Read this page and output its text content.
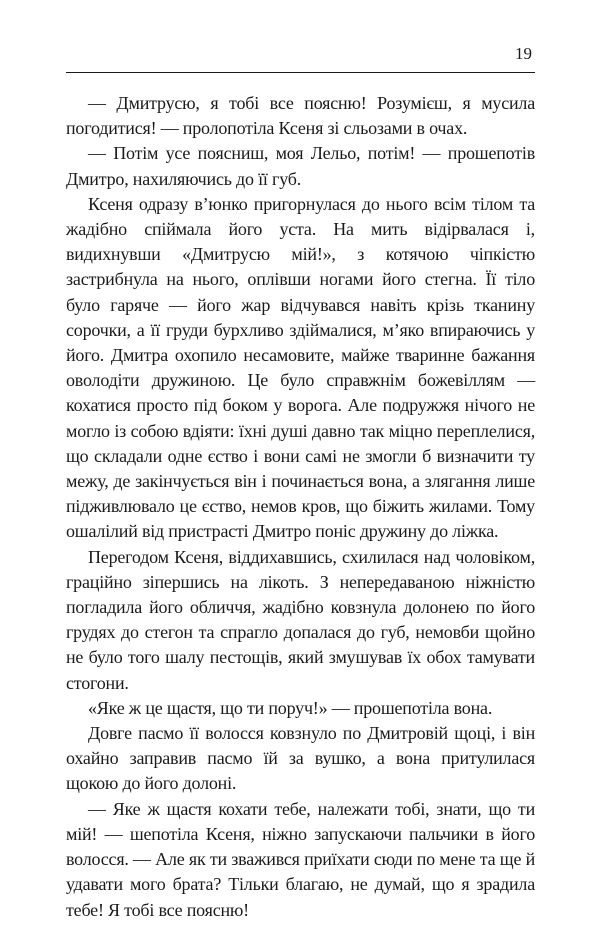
19

— Дмитрусю, я тобі все поясню! Розумієш, я мусила погодитися! — пролопотіла Ксеня зі сльозами в очах.

— Потім усе поясниш, моя Лельо, потім! — прошепотів Дмитро, нахиляючись до її губ.

Ксеня одразу в’юнко пригорнулася до нього всім тілом та жадібно спіймала його уста. На мить відірвалася і, видихнувши «Дмитрусю мій!», з котячою чіпкістю застрибнула на нього, оплівши ногами його стегна. Її тіло було гаряче — його жар відчувався навіть крізь тканину сорочки, а її груди бурхливо здіймалися, м’яко впираючись у його. Дмитра охопило несамовите, майже тваринне бажання оволодіти дружиною. Це було справжнім божевіллям — кохатися просто під боком у ворога. Але подружжя нічого не могло із собою вдіяти: їхні душі давно так міцно переплелися, що складали одне єство і вони самі не змогли б визначити ту межу, де закінчується він і починається вона, а злягання лише підживлювало це єство, немов кров, що біжить жилами. Тому ошалілий від пристрасті Дмитро поніс дружину до ліжка.

Перегодом Ксеня, віддихавшись, схилилася над чоловіком, граційно зіпершись на лікоть. З непередаваною ніжністю погладила його обличчя, жадібно ковзнула долонею по його грудях до стегон та спрагло допалася до губ, немовби щойно не було того шалу пестощів, який змушував їх обох тамувати стогони.

«Яке ж це щастя, що ти поруч!» — прошепотіла вона.

Довге пасмо її волосся ковзнуло по Дмитровій щоці, і він охайно заправив пасмо їй за вушко, а вона притулилася щокою до його долоні.

— Яке ж щастя кохати тебе, належати тобі, знати, що ти мій! — шепотіла Ксеня, ніжно запускаючи пальчики в його волосся. — Але як ти зважився приїхати сюди по мене та ще й удавати мого брата? Тільки благаю, не думай, що я зрадила тебе! Я тобі все поясню!
